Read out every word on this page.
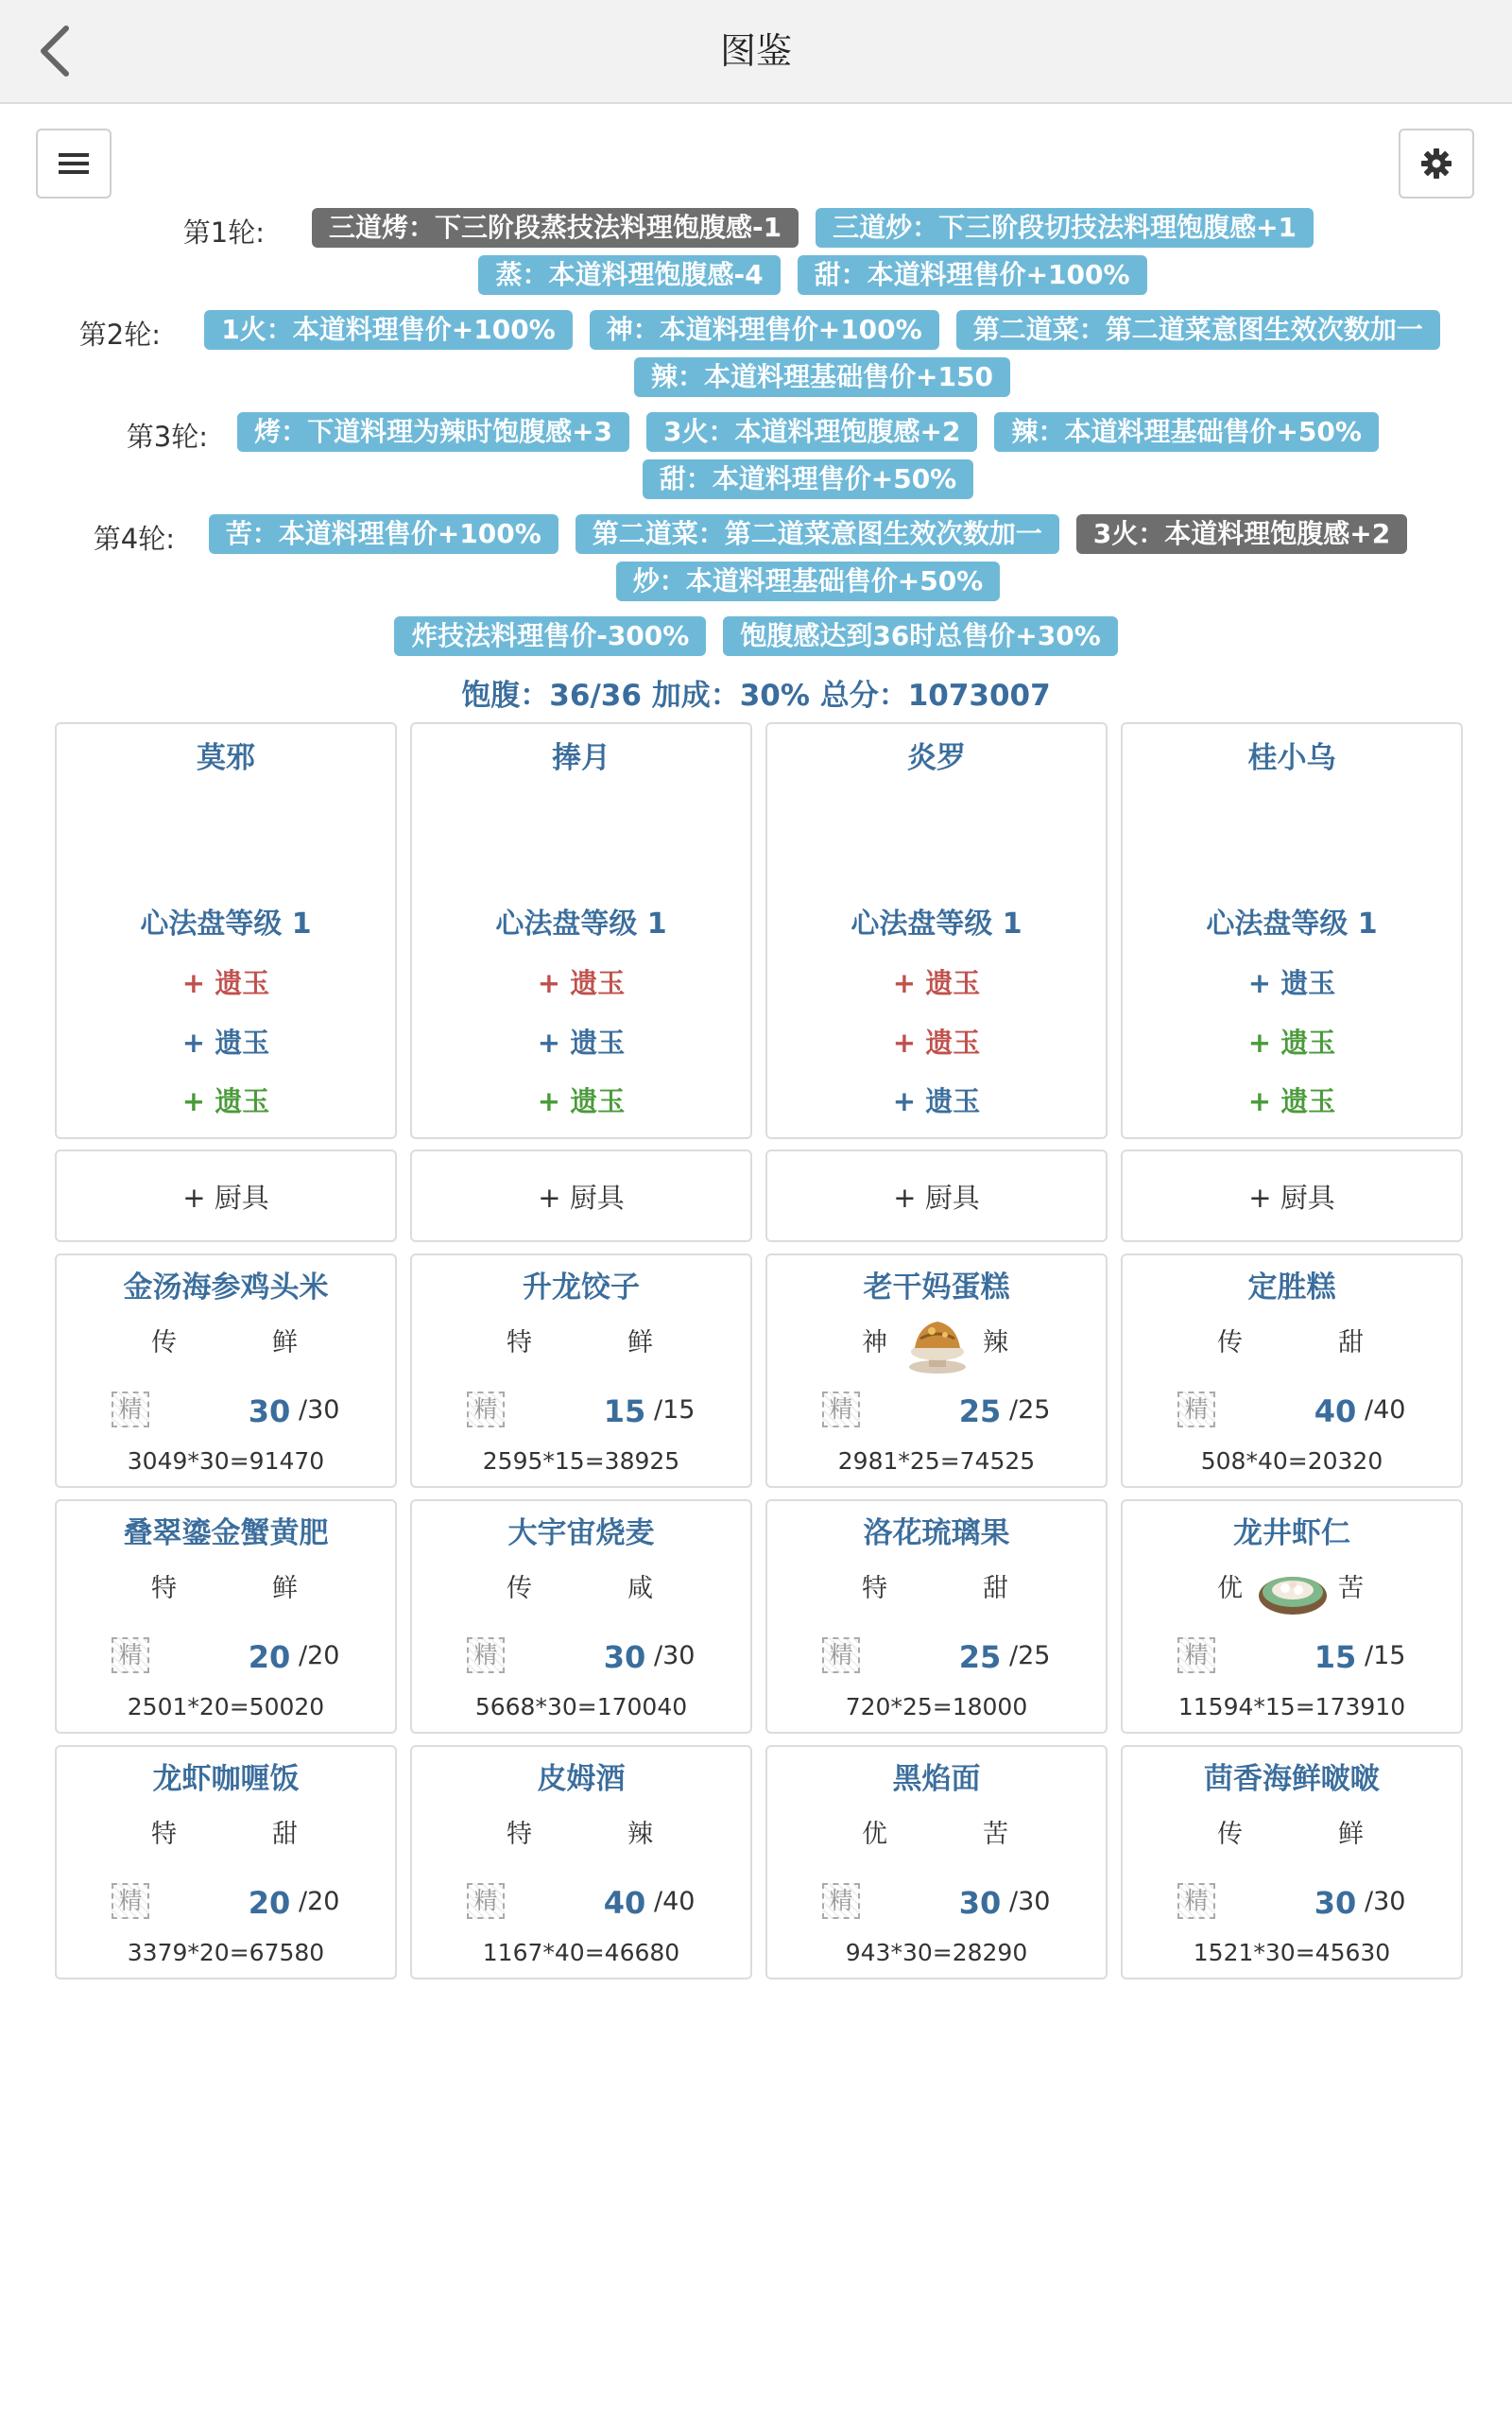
图鉴
第1轮:	三道烤：下三阶段蒸技法料理饱腹感-1	三道炒：下三阶段切技法料理饱腹感+1
蒸：本道料理饱腹感-4	甜：本道料理售价+100%
第2轮:	1火：本道料理售价+100%	神：本道料理售价+100%	第二道菜：第二道菜意图生效次数加一
辣：本道料理基础售价+150
第3轮:	烤：下道料理为辣时饱腹感+3	3火：本道料理饱腹感+2	辣：本道料理基础售价+50%
甜：本道料理售价+50%
第4轮:	苦：本道料理售价+100%	第二道菜：第二道菜意图生效次数加一	3火：本道料理饱腹感+2
炒：本道料理基础售价+50%
炸技法料理售价-300%	饱腹感达到36时总售价+30%
饱腹：36/36 加成：30% 总分：1073007
莫邪
心法盘等级 1
+ 遗玉
+ 遗玉
+ 遗玉
捧月
心法盘等级 1
+ 遗玉
+ 遗玉
+ 遗玉
炎罗
心法盘等级 1
+ 遗玉
+ 遗玉
+ 遗玉
桂小乌
心法盘等级 1
+ 遗玉
+ 遗玉
+ 遗玉
+ 厨具	+ 厨具	+ 厨具	+ 厨具
金汤海参鸡头米
传	鲜
精	30 /30
3049*30=91470
升龙饺子
特	鲜
精	15 /15
2595*15=38925
老干妈蛋糕
神	辣
精	25 /25
2981*25=74525
定胜糕
传	甜
精	40 /40
508*40=20320
叠翠鎏金蟹黄肥
特	鲜
精	20 /20
2501*20=50020
大宇宙烧麦
传	咸
精	30 /30
5668*30=170040
洛花琉璃果
特	甜
精	25 /25
720*25=18000
龙井虾仁
优	苦
精	15 /15
11594*15=173910
龙虾咖喱饭
特	甜
精	20 /20
3379*20=67580
皮姆酒
特	辣
精	40 /40
1167*40=46680
黑焰面
优	苦
精	30 /30
943*30=28290
茴香海鲜啵啵
传	鲜
精	30 /30
1521*30=45630
